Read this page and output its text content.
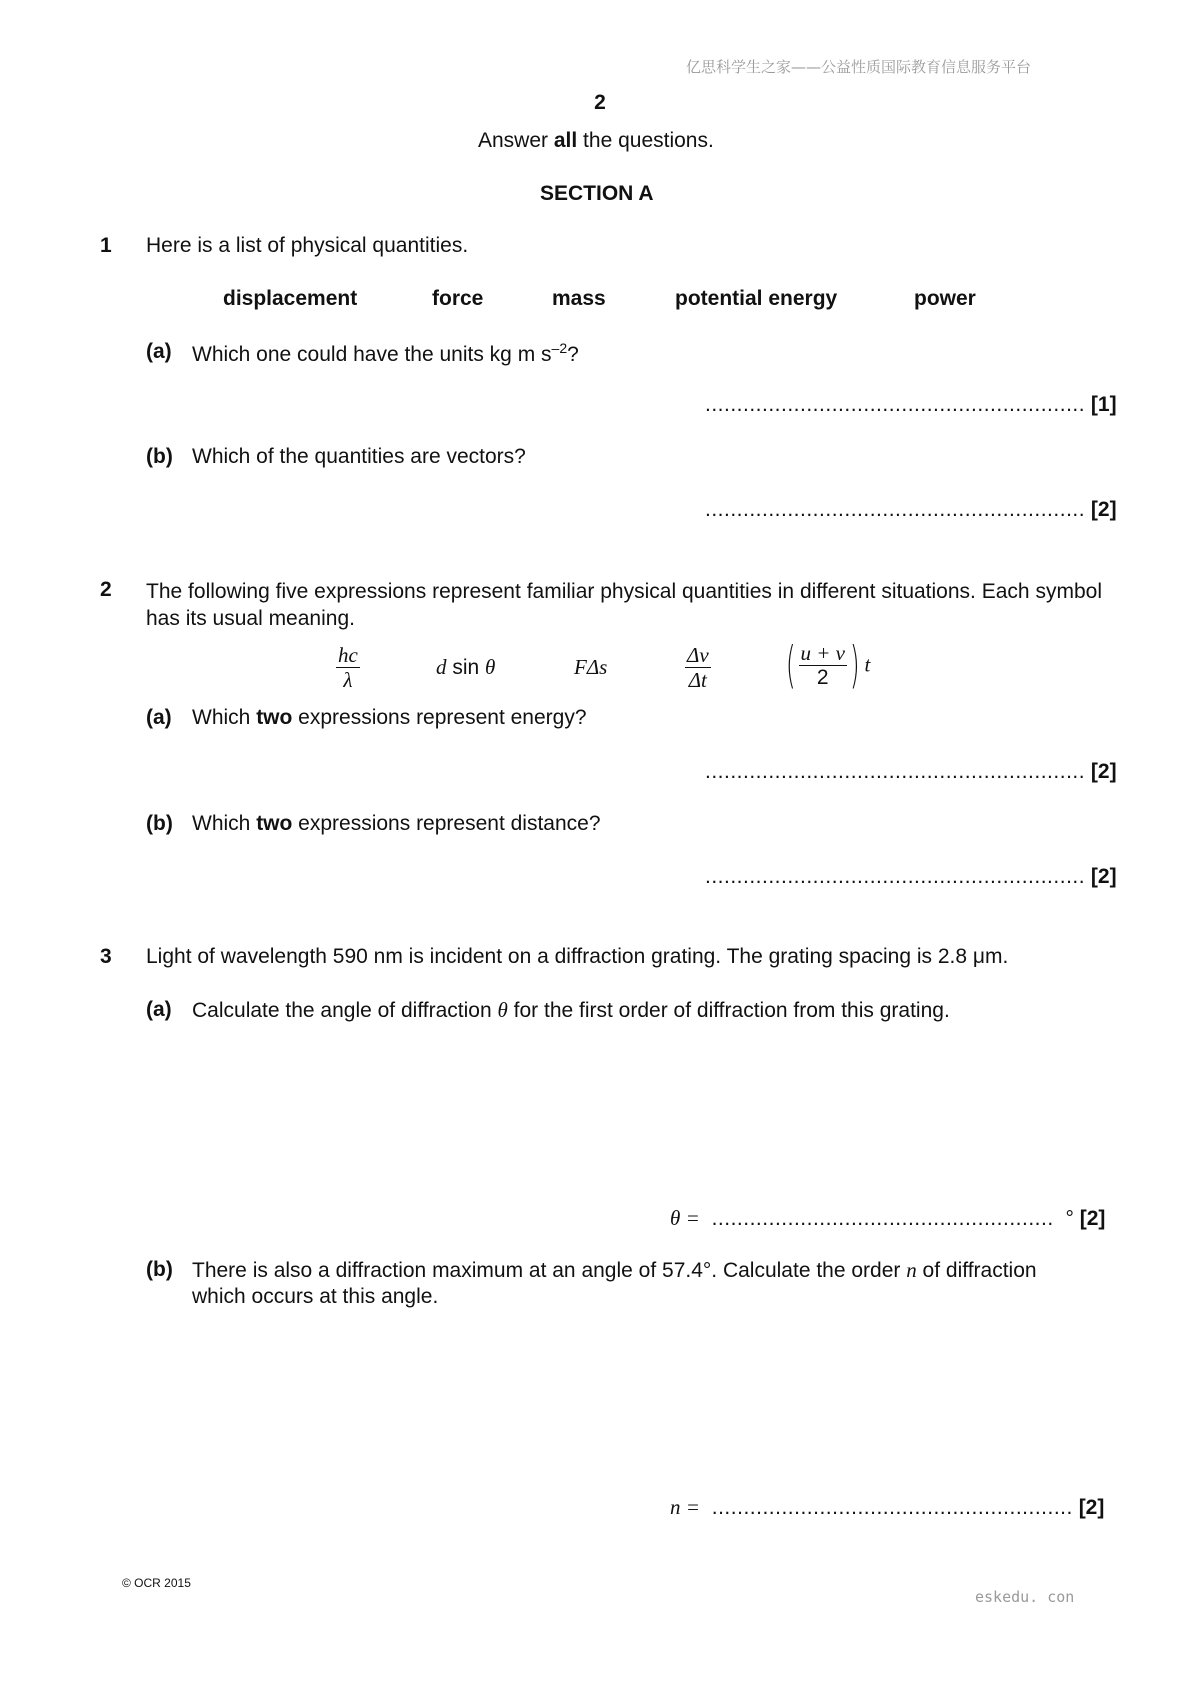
亿思科学生之家——公益性质国际教育信息服务平台
2
Answer all the questions.
SECTION A
1 Here is a list of physical quantities.
displacement	force	mass	potential energy	power
(a) Which one could have the units kg m $s^{-2}$?
............................................................ [1]
(b) Which of the quantities are vectors?
............................................................ [2]
2 The following five expressions represent familiar physical quantities in different situations. Each symbol has its usual meaning.
$\frac{hc}{\lambda}$	d sin θ	FΔs	$\frac{\Delta v}{\Delta t}$ ( $\frac{u + v}{2}$ ) t
(a) Which two expressions represent energy?
............................................................ [2]
(b) Which two expressions represent distance?
............................................................ [2]
3 Light of wavelength 590 nm is incident on a diffraction grating. The grating spacing is 2.8 μm.
(a) Calculate the angle of diffraction θ for the first order of diffraction from this grating.
θ = ...................................................... ° [2]
(b) There is also a diffraction maximum at an angle of 57.4°. Calculate the order n of diffraction
which occurs at this angle.
n = ......................................................... [2]
© OCR 2015
eskedu. con
